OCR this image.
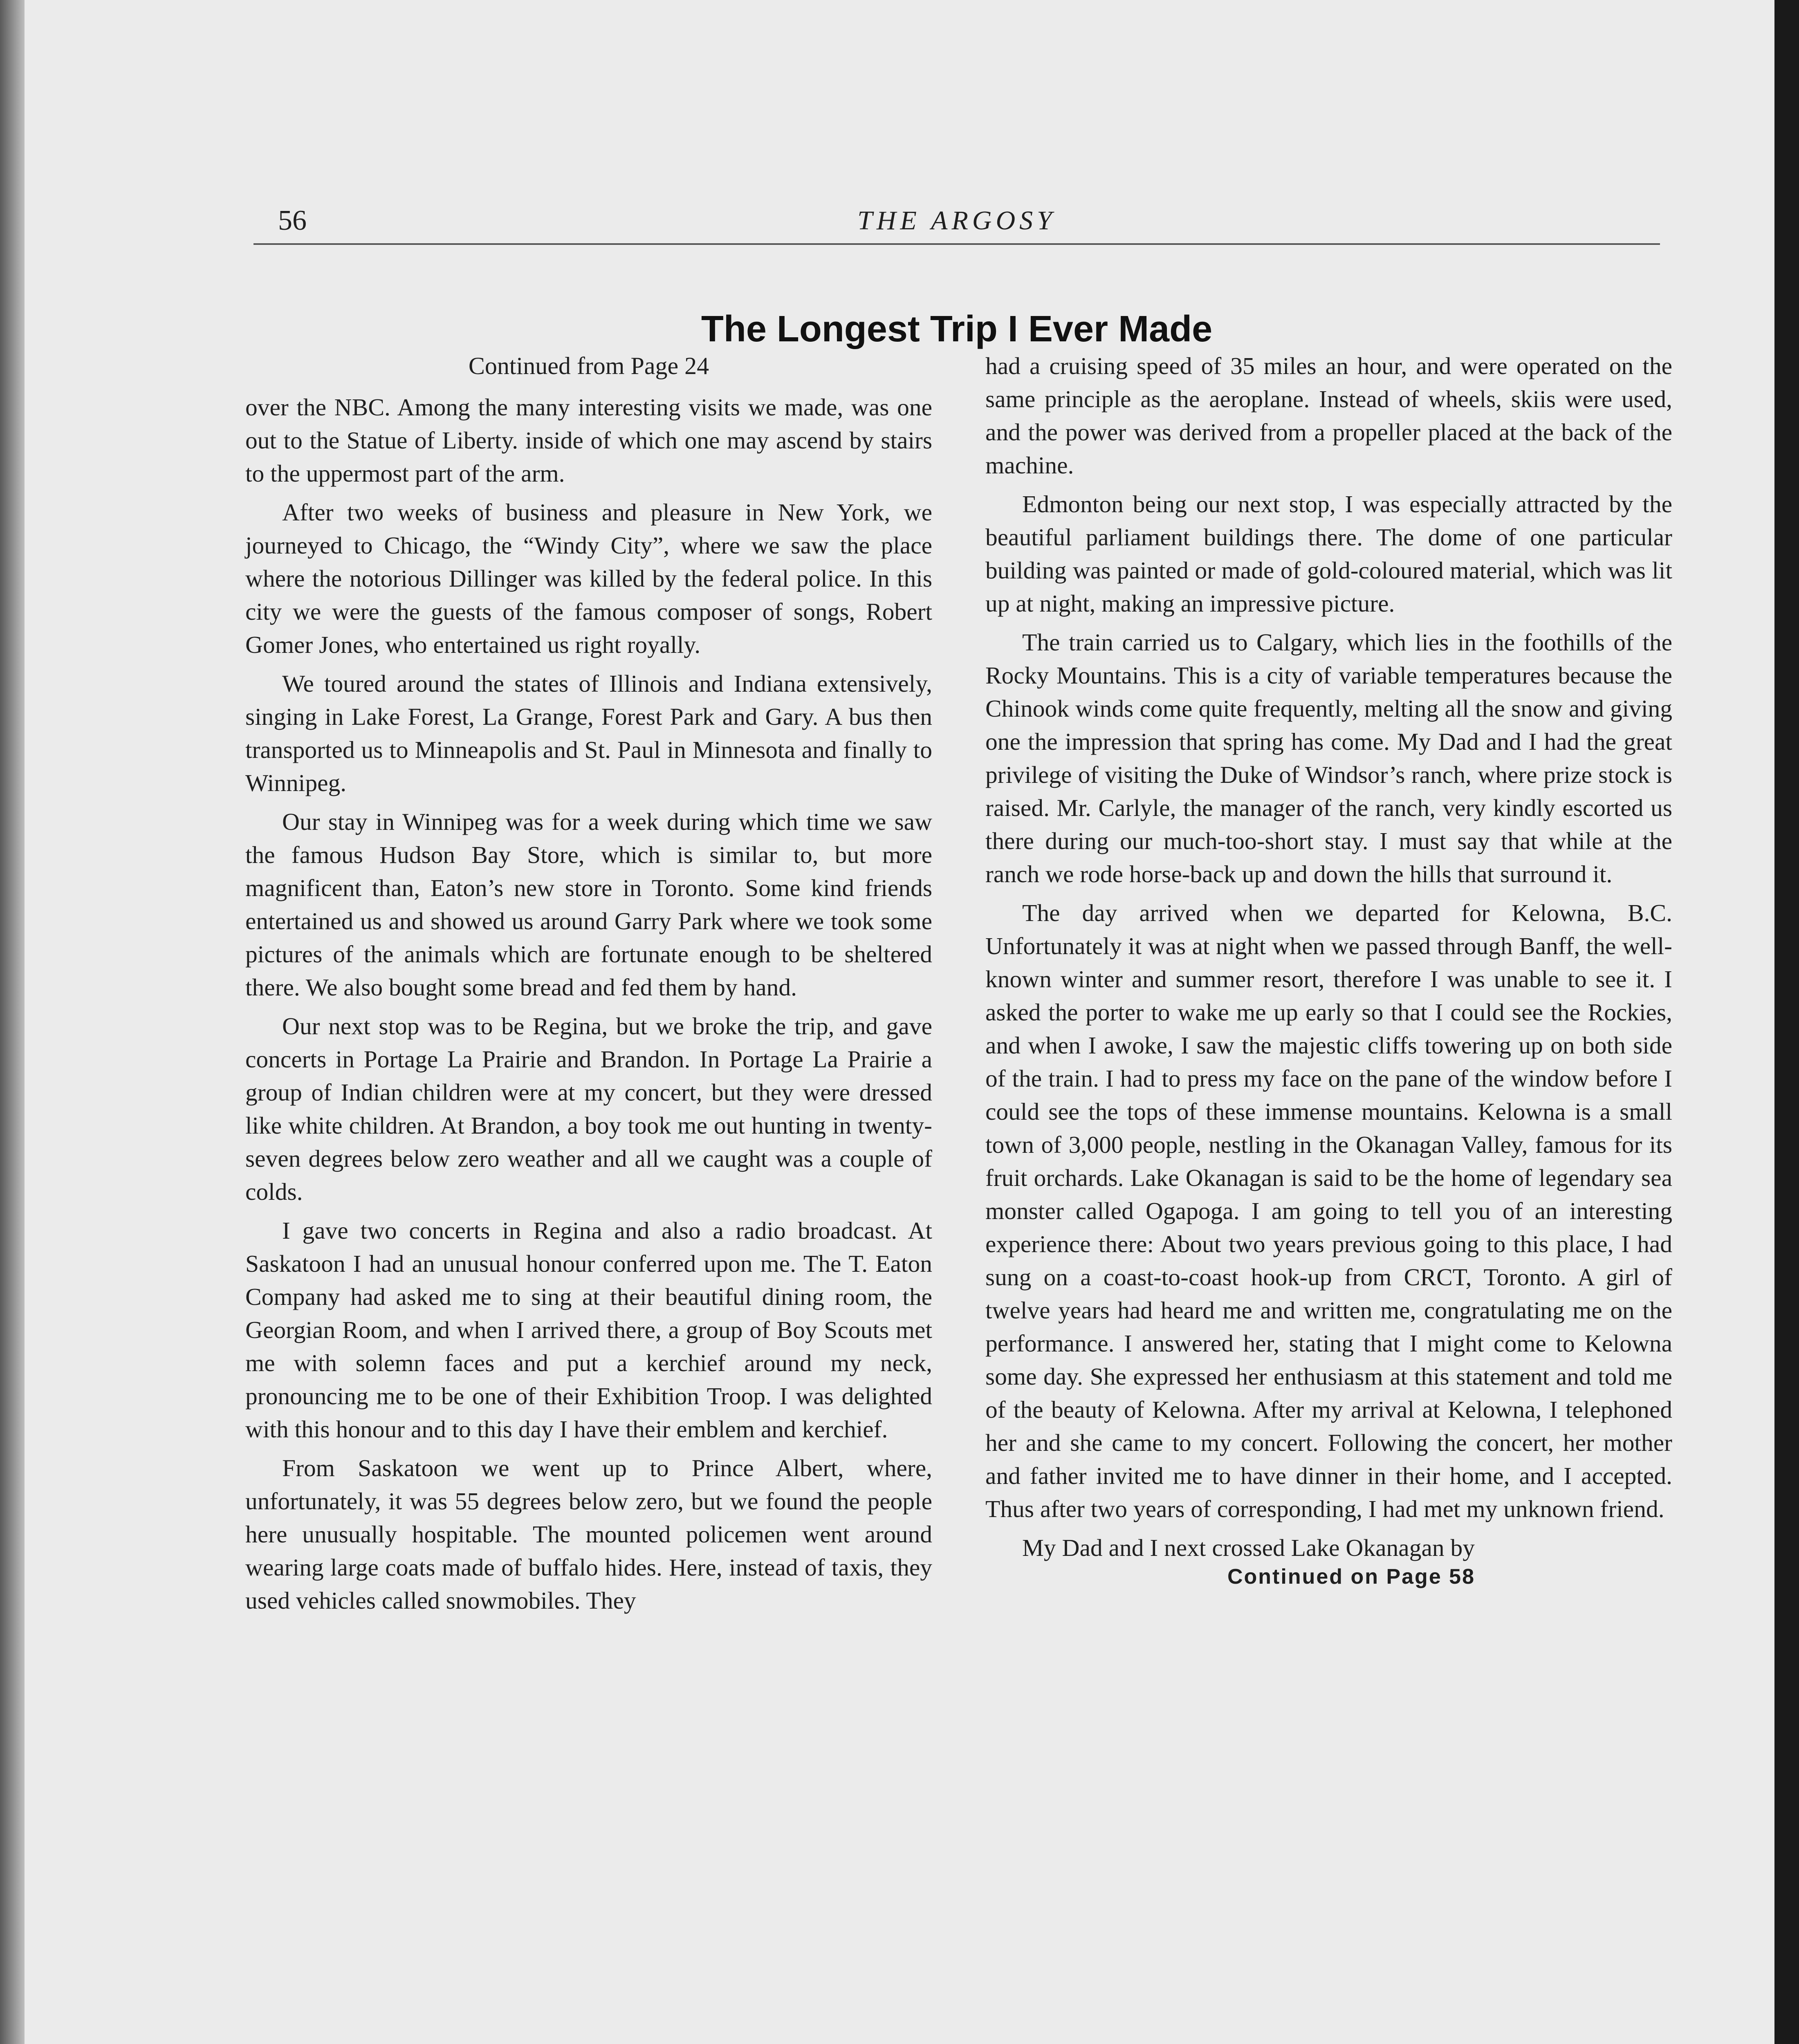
56	THE ARGOSY
The Longest Trip I Ever Made
Continued from Page 24

over the NBC. Among the many interesting visits we made, was one out to the Statue of Liberty. inside of which one may ascend by stairs to the uppermost part of the arm.

After two weeks of business and pleasure in New York, we journeyed to Chicago, the “Windy City”, where we saw the place where the notorious Dillinger was killed by the federal police. In this city we were the guests of the famous composer of songs, Robert Gomer Jones, who entertained us right royally.

We toured around the states of Illinois and Indiana extensively, singing in Lake Forest, La Grange, Forest Park and Gary. A bus then transported us to Minneapolis and St. Paul in Minnesota and finally to Winnipeg.

Our stay in Winnipeg was for a week during which time we saw the famous Hudson Bay Store, which is similar to, but more magnificent than, Eaton’s new store in Toronto. Some kind friends entertained us and showed us around Garry Park where we took some pictures of the animals which are fortunate enough to be sheltered there. We also bought some bread and fed them by hand.

Our next stop was to be Regina, but we broke the trip, and gave concerts in Portage La Prairie and Brandon. In Portage La Prairie a group of Indian children were at my concert, but they were dressed like white children. At Brandon, a boy took me out hunting in twenty-seven degrees below zero weather and all we caught was a couple of colds.

I gave two concerts in Regina and also a radio broadcast. At Saskatoon I had an unusual honour conferred upon me. The T. Eaton Company had asked me to sing at their beautiful dining room, the Georgian Room, and when I arrived there, a group of Boy Scouts met me with solemn faces and put a kerchief around my neck, pronouncing me to be one of their Exhibition Troop. I was delighted with this honour and to this day I have their emblem and kerchief.

From Saskatoon we went up to Prince Albert, where, unfortunately, it was 55 degrees below zero, but we found the people here unusually hospitable. The mounted policemen went around wearing large coats made of buffalo hides. Here, instead of taxis, they used vehicles called snowmobiles. They

had a cruising speed of 35 miles an hour, and were operated on the same principle as the aeroplane. Instead of wheels, skiis were used, and the power was derived from a propeller placed at the back of the machine.

Edmonton being our next stop, I was especially attracted by the beautiful parliament buildings there. The dome of one particular building was painted or made of gold-coloured material, which was lit up at night, making an impressive picture.

The train carried us to Calgary, which lies in the foothills of the Rocky Mountains. This is a city of variable temperatures because the Chinook winds come quite frequently, melting all the snow and giving one the impression that spring has come. My Dad and I had the great privilege of visiting the Duke of Windsor’s ranch, where prize stock is raised. Mr. Carlyle, the manager of the ranch, very kindly escorted us there during our much-too-short stay. I must say that while at the ranch we rode horse-back up and down the hills that surround it.

The day arrived when we departed for Kelowna, B.C. Unfortunately it was at night when we passed through Banff, the well-known winter and summer resort, therefore I was unable to see it. I asked the porter to wake me up early so that I could see the Rockies, and when I awoke, I saw the majestic cliffs towering up on both side of the train. I had to press my face on the pane of the window before I could see the tops of these immense mountains. Kelowna is a small town of 3,000 people, nestling in the Okanagan Valley, famous for its fruit orchards. Lake Okanagan is said to be the home of legendary sea monster called Ogapoga. I am going to tell you of an interesting experience there: About two years previous going to this place, I had sung on a coast-to-coast hook-up from CRCT, Toronto. A girl of twelve years had heard me and written me, congratulating me on the performance. I answered her, stating that I might come to Kelowna some day. She expressed her enthusiasm at this statement and told me of the beauty of Kelowna. After my arrival at Kelowna, I telephoned her and she came to my concert. Following the concert, her mother and father invited me to have dinner in their home, and I accepted. Thus after two years of corresponding, I had met my unknown friend.

My Dad and I next crossed Lake Okanagan by

Continued on Page 58
